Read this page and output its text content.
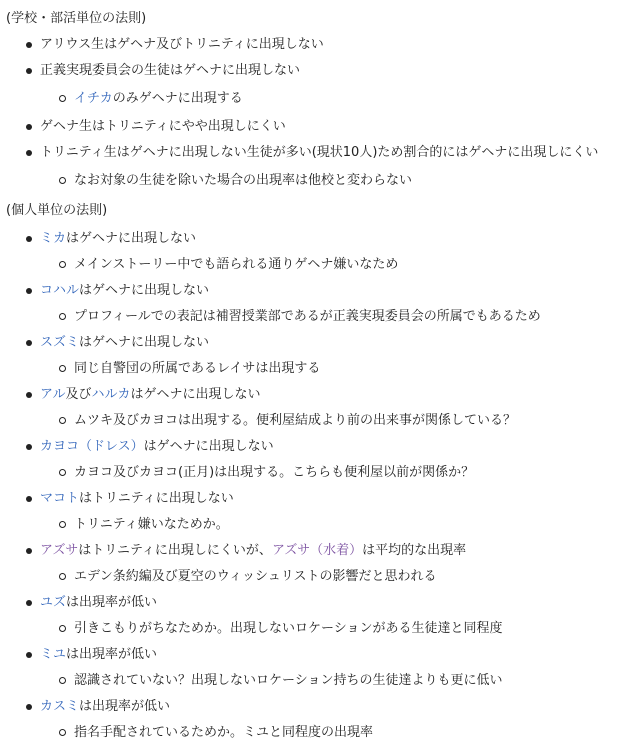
(学校・部活単位の法則)
アリウス生はゲヘナ及びトリニティに出現しない
正義実現委員会の生徒はゲヘナに出現しない
イチカのみゲヘナに出現する
ゲヘナ生はトリニティにやや出現しにくい
トリニティ生はゲヘナに出現しない生徒が多い(現状10人)ため割合的にはゲヘナに出現しにくい
なお対象の生徒を除いた場合の出現率は他校と変わらない
(個人単位の法則)
ミカはゲヘナに出現しない
メインストーリー中でも語られる通りゲヘナ嫌いなため
コハルはゲヘナに出現しない
プロフィールでの表記は補習授業部であるが正義実現委員会の所属でもあるため
スズミはゲヘナに出現しない
同じ自警団の所属であるレイサは出現する
アル及びハルカはゲヘナに出現しない
ムツキ及びカヨコは出現する。便利屋結成より前の出来事が関係している？
カヨコ（ドレス）はゲヘナに出現しない
カヨコ及びカヨコ(正月)は出現する。こちらも便利屋以前が関係か？
マコトはトリニティに出現しない
トリニティ嫌いなためか。
アズサはトリニティに出現しにくいが、アズサ（水着）は平均的な出現率
エデン条約編及び夏空のウィッシュリストの影響だと思われる
ユズは出現率が低い
引きこもりがちなためか。出現しないロケーションがある生徒達と同程度
ミユは出現率が低い
認識されていない？出現しないロケーション持ちの生徒達よりも更に低い
カスミは出現率が低い
指名手配されているためか。ミユと同程度の出現率
